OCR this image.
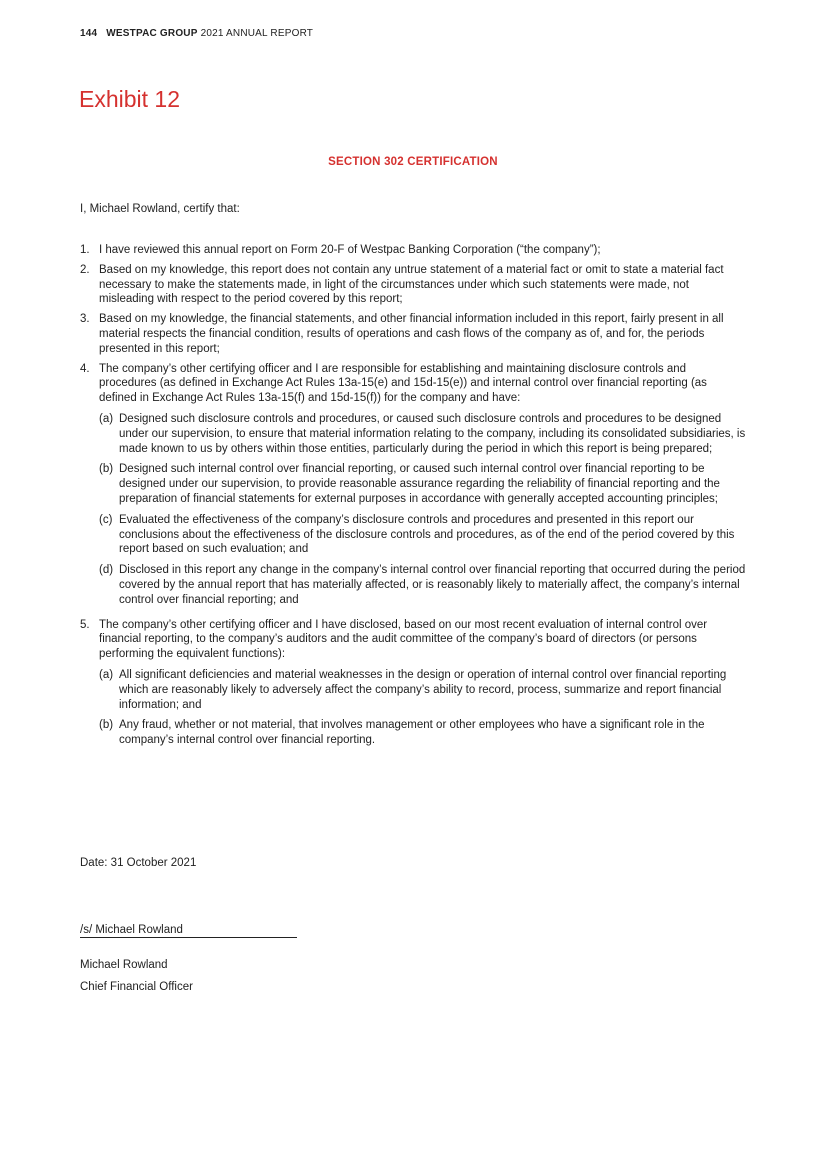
144 WESTPAC GROUP 2021 ANNUAL REPORT
Exhibit 12
SECTION 302 CERTIFICATION
I, Michael Rowland, certify that:
1. I have reviewed this annual report on Form 20-F of Westpac Banking Corporation (“the company”);
2. Based on my knowledge, this report does not contain any untrue statement of a material fact or omit to state a material fact necessary to make the statements made, in light of the circumstances under which such statements were made, not misleading with respect to the period covered by this report;
3. Based on my knowledge, the financial statements, and other financial information included in this report, fairly present in all material respects the financial condition, results of operations and cash flows of the company as of, and for, the periods presented in this report;
4. The company’s other certifying officer and I are responsible for establishing and maintaining disclosure controls and procedures (as defined in Exchange Act Rules 13a-15(e) and 15d-15(e)) and internal control over financial reporting (as defined in Exchange Act Rules 13a-15(f) and 15d-15(f)) for the company and have:
(a) Designed such disclosure controls and procedures, or caused such disclosure controls and procedures to be designed under our supervision, to ensure that material information relating to the company, including its consolidated subsidiaries, is made known to us by others within those entities, particularly during the period in which this report is being prepared;
(b) Designed such internal control over financial reporting, or caused such internal control over financial reporting to be designed under our supervision, to provide reasonable assurance regarding the reliability of financial reporting and the preparation of financial statements for external purposes in accordance with generally accepted accounting principles;
(c) Evaluated the effectiveness of the company’s disclosure controls and procedures and presented in this report our conclusions about the effectiveness of the disclosure controls and procedures, as of the end of the period covered by this report based on such evaluation; and
(d) Disclosed in this report any change in the company’s internal control over financial reporting that occurred during the period covered by the annual report that has materially affected, or is reasonably likely to materially affect, the company’s internal control over financial reporting; and
5. The company’s other certifying officer and I have disclosed, based on our most recent evaluation of internal control over financial reporting, to the company’s auditors and the audit committee of the company’s board of directors (or persons performing the equivalent functions):
(a) All significant deficiencies and material weaknesses in the design or operation of internal control over financial reporting which are reasonably likely to adversely affect the company’s ability to record, process, summarize and report financial information; and
(b) Any fraud, whether or not material, that involves management or other employees who have a significant role in the company’s internal control over financial reporting.
Date: 31 October 2021
/s/ Michael Rowland
Michael Rowland
Chief Financial Officer
